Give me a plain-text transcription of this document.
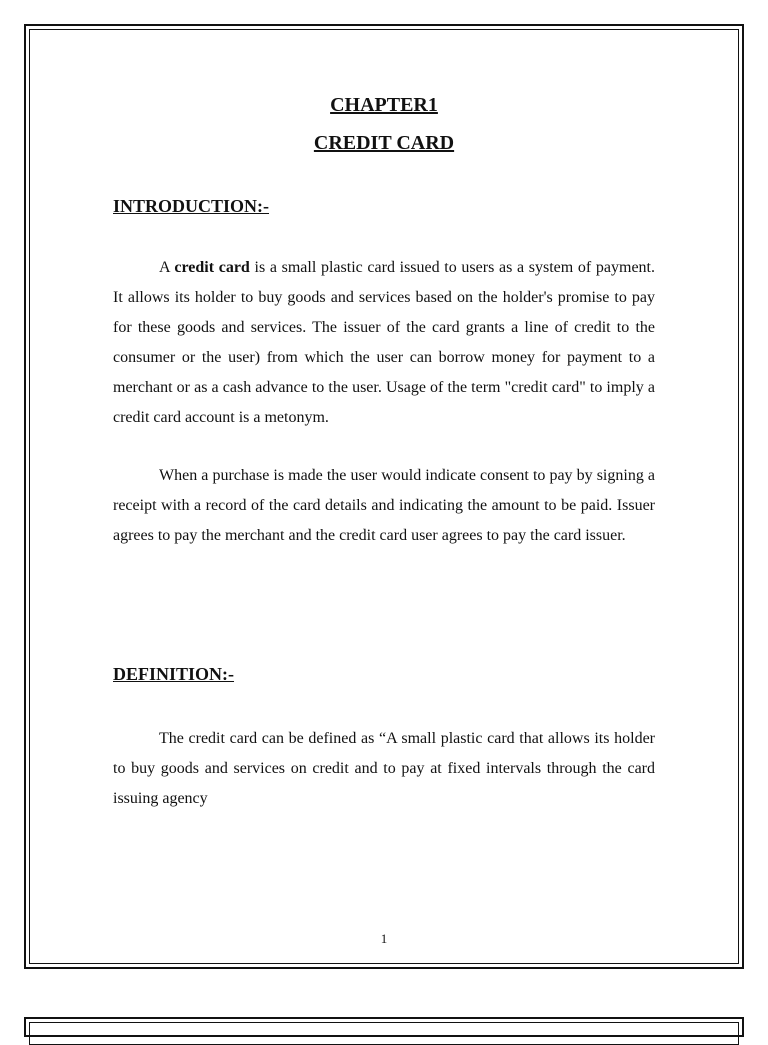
CHAPTER1
CREDIT CARD
INTRODUCTION:-

A credit card is a small plastic card issued to users as a system of payment. It allows its holder to buy goods and services based on the holder's promise to pay for these goods and services. The issuer of the card grants a line of credit to the consumer or the user) from which the user can borrow money for payment to a merchant or as a cash advance to the user. Usage of the term "credit card" to imply a credit card account is a metonym.

When a purchase is made the user would indicate consent to pay by signing a receipt with a record of the card details and indicating the amount to be paid. Issuer agrees to pay the merchant and the credit card user agrees to pay the card issuer.

DEFINITION:-

The credit card can be defined as “A small plastic card that allows its holder to buy goods and services on credit and to pay at fixed intervals through the card issuing agency

1
